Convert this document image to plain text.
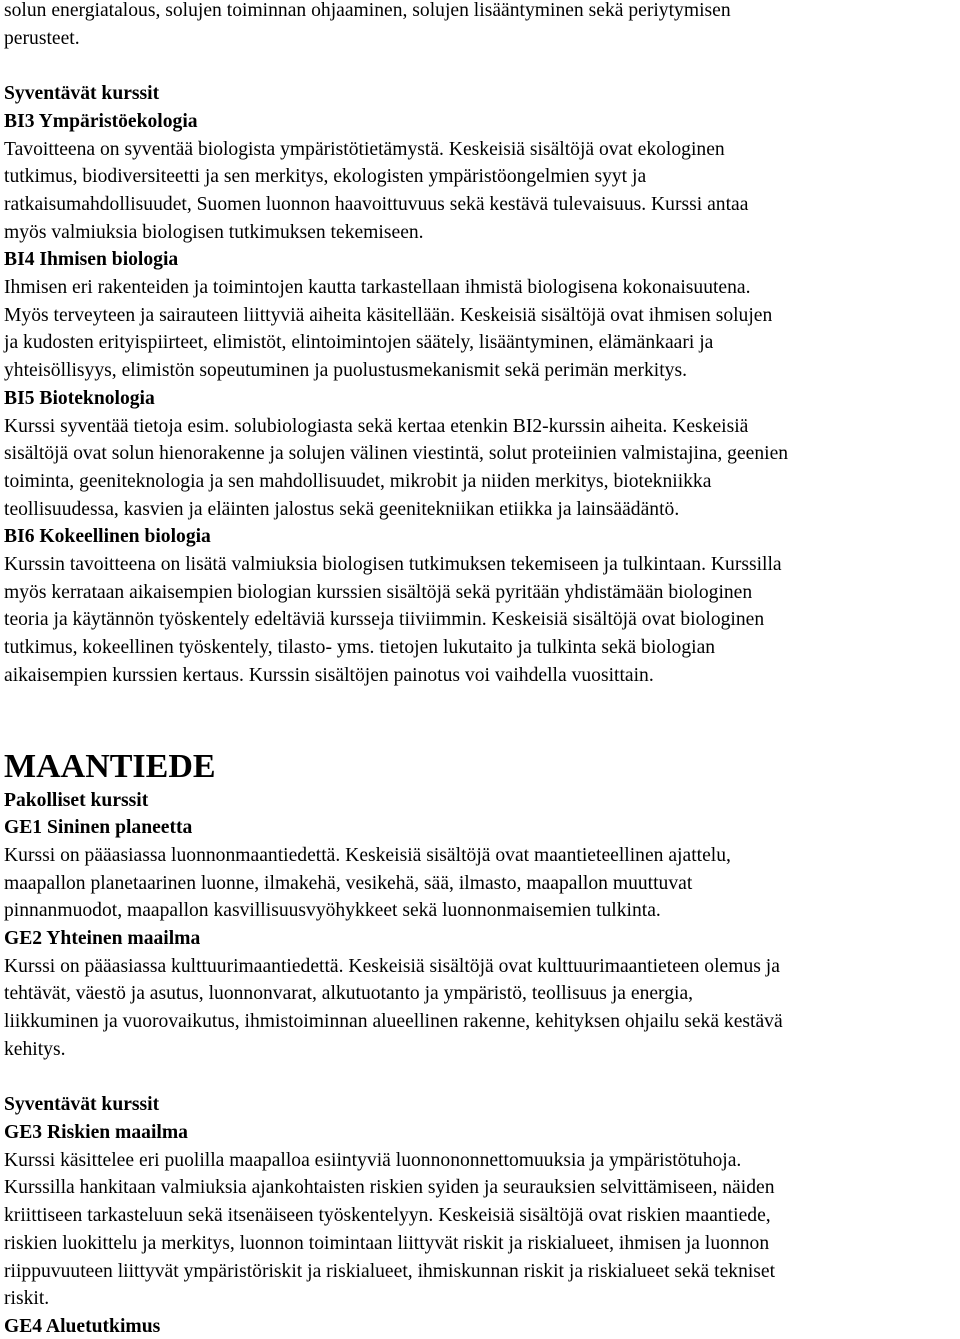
solun energiatalous, solujen toiminnan ohjaaminen, solujen lisääntyminen sekä periytymisen

perusteet.

Syventävät kurssit

BI3 Ympäristöekologia

Tavoitteena on syventää biologista ympäristötietämystä. Keskeisiä sisältöjä ovat ekologinen

tutkimus, biodiversiteetti ja sen merkitys, ekologisten ympäristöongelmien syyt ja

ratkaisumahdollisuudet, Suomen luonnon haavoittuvuus sekä kestävä tulevaisuus. Kurssi antaa

myös valmiuksia biologisen tutkimuksen tekemiseen.

BI4 Ihmisen biologia

Ihmisen eri rakenteiden ja toimintojen kautta tarkastellaan ihmistä biologisena kokonaisuutena.

Myös terveyteen ja sairauteen liittyviä aiheita käsitellään. Keskeisiä sisältöjä ovat ihmisen solujen

ja kudosten erityispiirteet, elimistöt, elintoimintojen säätely, lisääntyminen, elämänkaari ja

yhteisöllisyys, elimistön sopeutuminen ja puolustusmekanismit sekä perimän merkitys.

BI5 Bioteknologia

Kurssi syventää tietoja esim. solubiologiasta sekä kertaa etenkin BI2-kurssin aiheita. Keskeisiä

sisältöjä ovat solun hienorakenne ja solujen välinen viestintä, solut proteiinien valmistajina, geenien

toiminta, geeniteknologia ja sen mahdollisuudet, mikrobit ja niiden merkitys, biotekniikka

teollisuudessa, kasvien ja eläinten jalostus sekä geenitekniikan etiikka ja lainsäädäntö.

BI6 Kokeellinen biologia

Kurssin tavoitteena on lisätä valmiuksia biologisen tutkimuksen tekemiseen ja tulkintaan. Kurssilla

myös kerrataan aikaisempien biologian kurssien sisältöjä sekä pyritään yhdistämään biologinen

teoria ja käytännön työskentely edeltäviä kursseja tiiviimmin. Keskeisiä sisältöjä ovat biologinen

tutkimus, kokeellinen työskentely, tilasto- yms. tietojen lukutaito ja tulkinta sekä biologian

aikaisempien kurssien kertaus. Kurssin sisältöjen painotus voi vaihdella vuosittain.

MAANTIEDE

Pakolliset kurssit

GE1 Sininen planeetta

Kurssi on pääasiassa luonnonmaantiedettä. Keskeisiä sisältöjä ovat maantieteellinen ajattelu,

maapallon planetaarinen luonne, ilmakehä, vesikehä, sää, ilmasto, maapallon muuttuvat

pinnanmuodot, maapallon kasvillisuusvyöhykkeet sekä luonnonmaisemien tulkinta.

GE2 Yhteinen maailma

Kurssi on pääasiassa kulttuurimaantiedettä. Keskeisiä sisältöjä ovat kulttuurimaantieteen olemus ja

tehtävät, väestö ja asutus, luonnonvarat, alkutuotanto ja ympäristö, teollisuus ja energia,

liikkuminen ja vuorovaikutus, ihmistoiminnan alueellinen rakenne, kehityksen ohjailu sekä kestävä

kehitys.

Syventävät kurssit

GE3 Riskien maailma

Kurssi käsittelee eri puolilla maapalloa esiintyviä luonnononnettomuuksia ja ympäristötuhoja.

Kurssilla hankitaan valmiuksia ajankohtaisten riskien syiden ja seurauksien selvittämiseen, näiden

kriittiseen tarkasteluun sekä itsenäiseen työskentelyyn. Keskeisiä sisältöjä ovat riskien maantiede,

riskien luokittelu ja merkitys, luonnon toimintaan liittyvät riskit ja riskialueet, ihmisen ja luonnon

riippuvuuteen liittyvät ympäristöriskit ja riskialueet, ihmiskunnan riskit ja riskialueet sekä tekniset

riskit.

GE4 Aluetutkimus
